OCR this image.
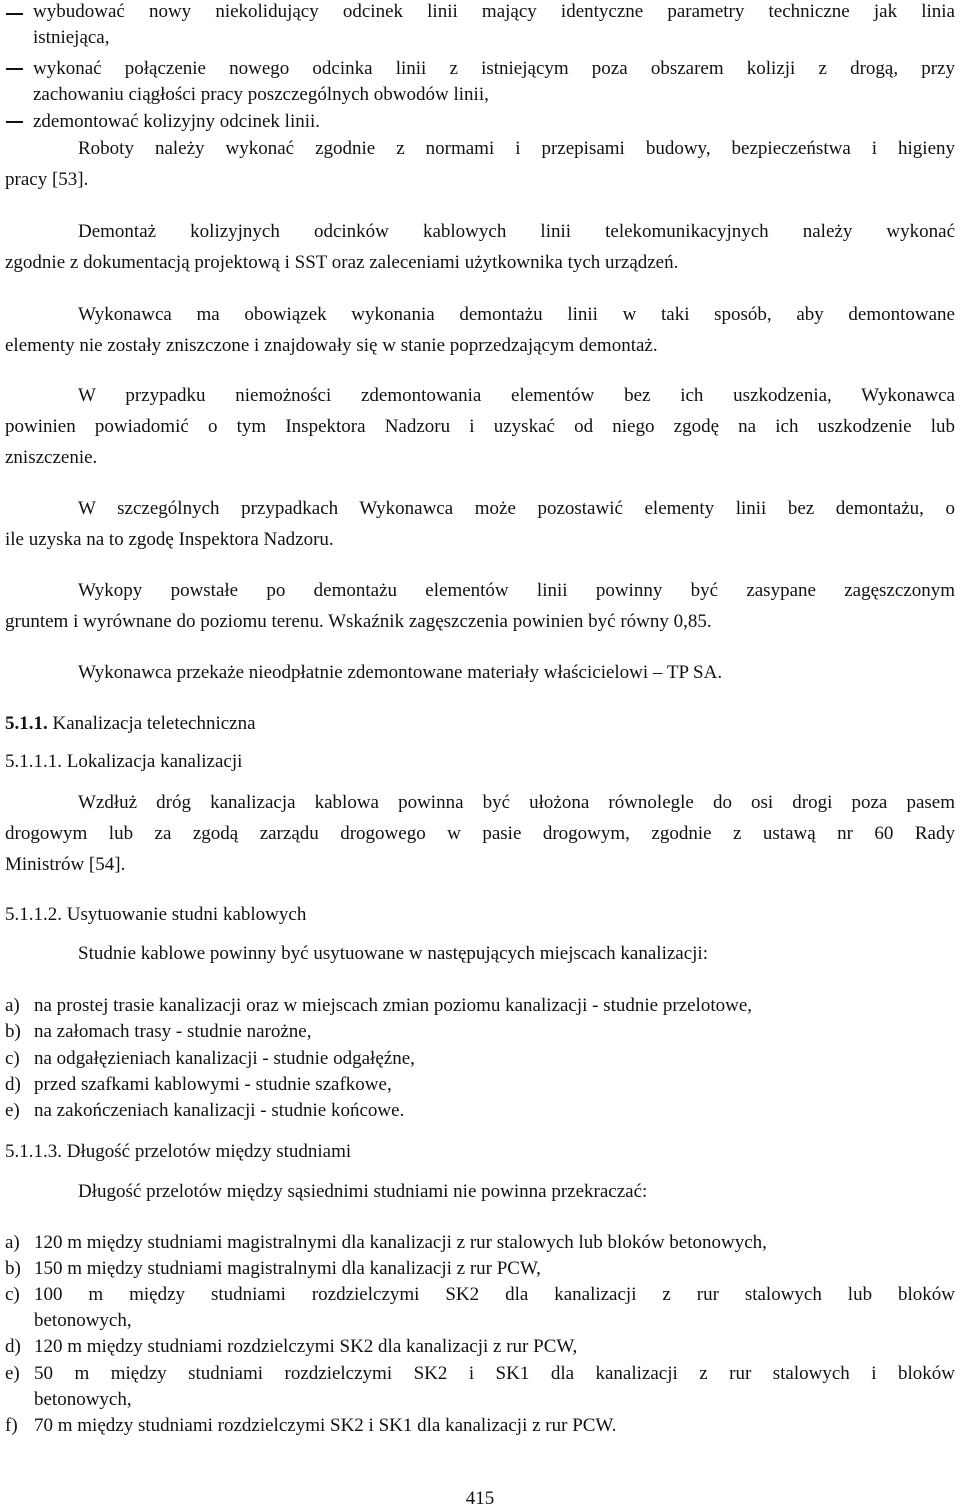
wybudować nowy niekolidujący odcinek linii mający identyczne parametry techniczne jak linia
istniejąca,
wykonać połączenie nowego odcinka linii z istniejącym poza obszarem kolizji z drogą, przy
zachowaniu ciągłości pracy poszczególnych obwodów linii,
zdemontować kolizyjny odcinek linii.
Roboty należy wykonać zgodnie z normami i przepisami budowy, bezpieczeństwa i higieny
pracy [53].
Demontaż kolizyjnych odcinków kablowych linii telekomunikacyjnych należy wykonać
zgodnie z dokumentacją projektową i SST oraz zaleceniami użytkownika tych urządzeń.
Wykonawca ma obowiązek wykonania demontażu linii w taki sposób, aby demontowane
elementy nie zostały zniszczone i znajdowały się w stanie poprzedzającym demontaż.
W przypadku niemożności zdemontowania elementów bez ich uszkodzenia, Wykonawca
powinien powiadomić o tym Inspektora Nadzoru i uzyskać od niego zgodę na ich uszkodzenie lub
zniszczenie.
W szczególnych przypadkach Wykonawca może pozostawić elementy linii bez demontażu, o
ile uzyska na to zgodę Inspektora Nadzoru.
Wykopy powstałe po demontażu elementów linii powinny być zasypane zagęszczonym
gruntem i wyrównane do poziomu terenu. Wskaźnik zagęszczenia powinien być równy 0,85.
Wykonawca przekaże nieodpłatnie zdemontowane materiały właścicielowi – TP SA.
5.1.1. Kanalizacja teletechniczna
5.1.1.1. Lokalizacja kanalizacji
Wzdłuż dróg kanalizacja kablowa powinna być ułożona równolegle do osi drogi poza pasem
drogowym lub za zgodą zarządu drogowego w pasie drogowym, zgodnie z ustawą nr 60 Rady
Ministrów [54].
5.1.1.2. Usytuowanie studni kablowych
Studnie kablowe powinny być usytuowane w następujących miejscach kanalizacji:
a) na prostej trasie kanalizacji oraz w miejscach zmian poziomu kanalizacji - studnie przelotowe,
b) na załomach trasy - studnie narożne,
c) na odgałęzieniach kanalizacji - studnie odgałęźne,
d) przed szafkami kablowymi - studnie szafkowe,
e) na zakończeniach kanalizacji - studnie końcowe.
5.1.1.3. Długość przelotów między studniami
Długość przelotów między sąsiednimi studniami nie powinna przekraczać:
a) 120 m między studniami magistralnymi dla kanalizacji z rur stalowych lub bloków betonowych,
b) 150 m między studniami magistralnymi dla kanalizacji z rur PCW,
c) 100 m między studniami rozdzielczymi SK2 dla kanalizacji z rur stalowych lub bloków
betonowych,
d) 120 m między studniami rozdzielczymi SK2 dla kanalizacji z rur PCW,
e) 50 m między studniami rozdzielczymi SK2 i SK1 dla kanalizacji z rur stalowych i bloków
betonowych,
f) 70 m między studniami rozdzielczymi SK2 i SK1 dla kanalizacji z rur PCW.
415
